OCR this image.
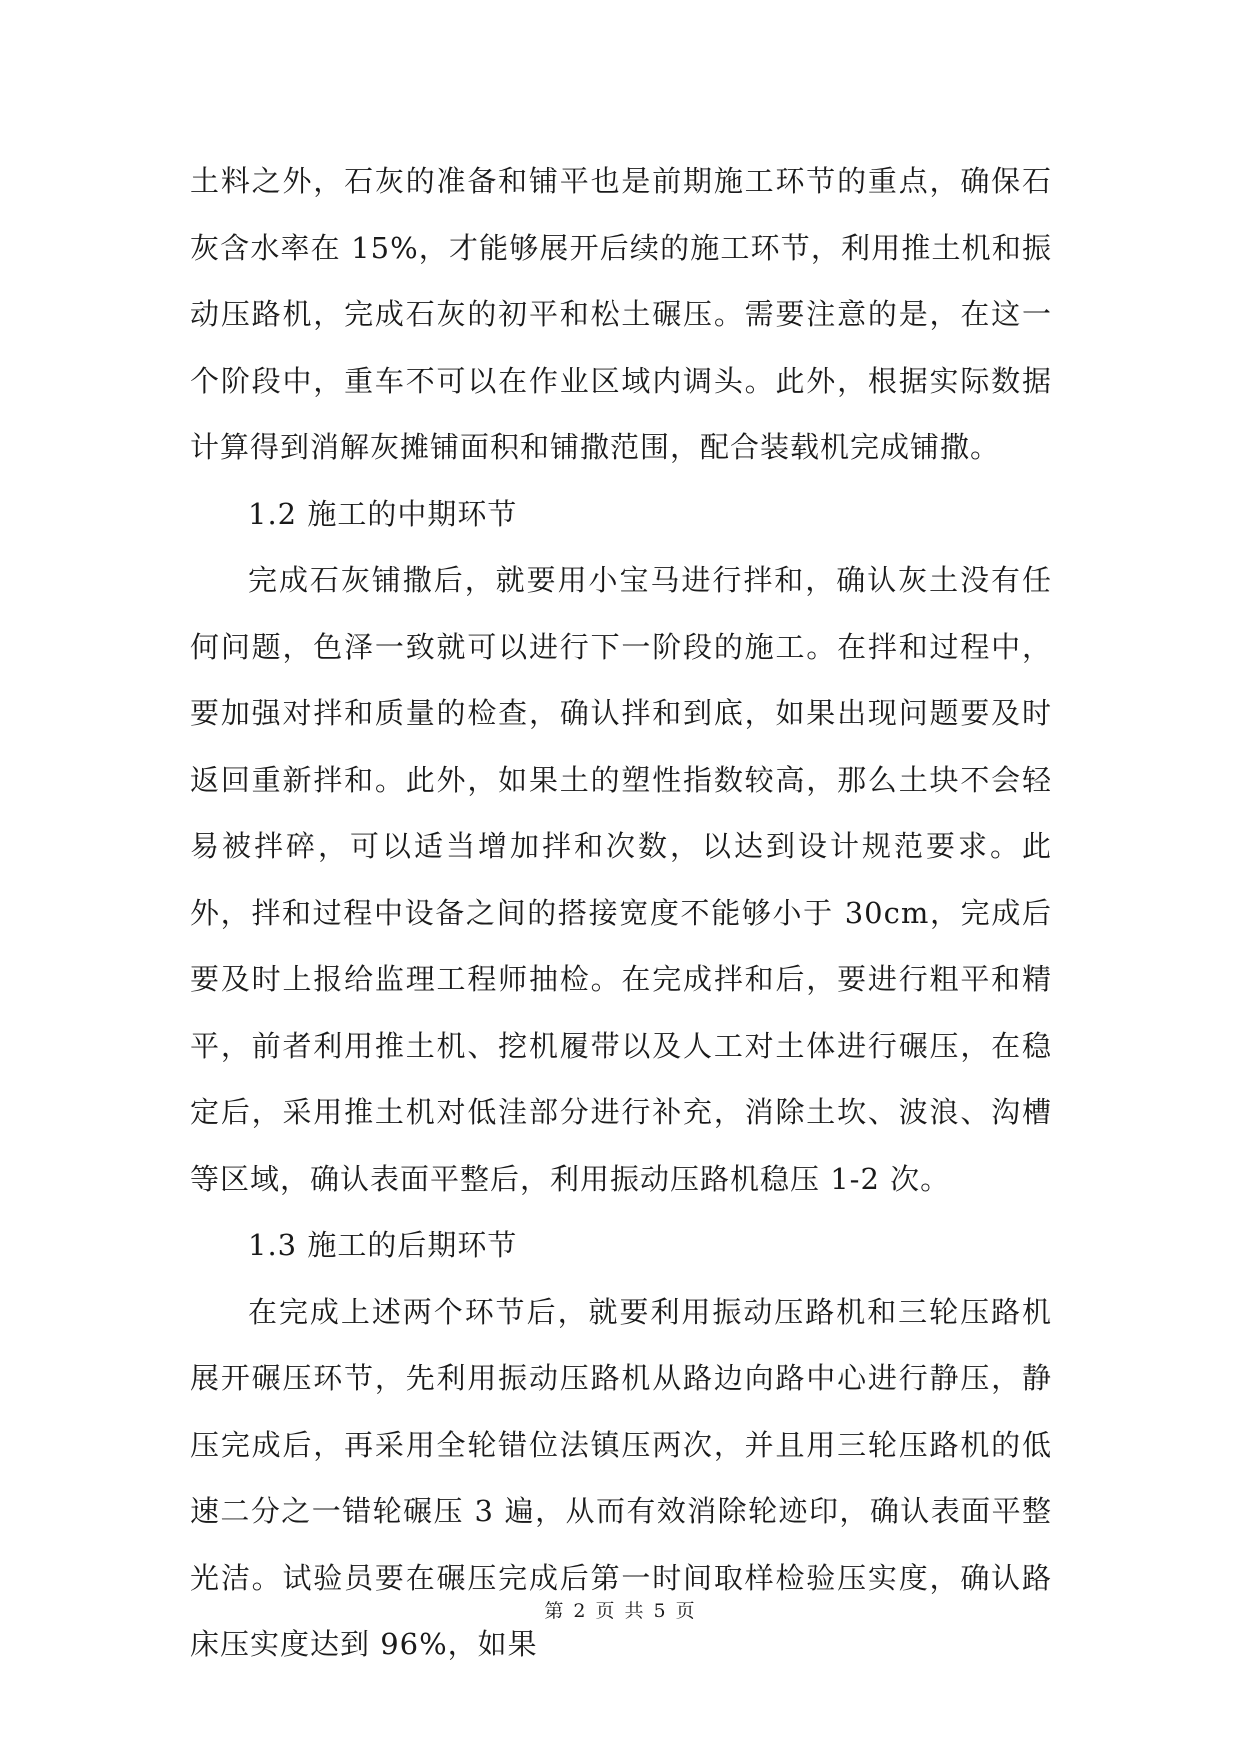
土料之外，石灰的准备和铺平也是前期施工环节的重点，确保石灰含水率在 15%，才能够展开后续的施工环节，利用推土机和振动压路机，完成石灰的初平和松土碾压。需要注意的是，在这一个阶段中，重车不可以在作业区域内调头。此外，根据实际数据计算得到消解灰摊铺面积和铺撒范围，配合装载机完成铺撒。

1.2 施工的中期环节

完成石灰铺撒后，就要用小宝马进行拌和，确认灰土没有任何问题，色泽一致就可以进行下一阶段的施工。在拌和过程中，要加强对拌和质量的检查，确认拌和到底，如果出现问题要及时返回重新拌和。此外，如果土的塑性指数较高，那么土块不会轻易被拌碎，可以适当增加拌和次数，以达到设计规范要求。此外，拌和过程中设备之间的搭接宽度不能够小于 30cm，完成后要及时上报给监理工程师抽检。在完成拌和后，要进行粗平和精平，前者利用推土机、挖机履带以及人工对土体进行碾压，在稳定后，采用推土机对低洼部分进行补充，消除土坎、波浪、沟槽等区域，确认表面平整后，利用振动压路机稳压 1-2 次。

1.3 施工的后期环节

在完成上述两个环节后，就要利用振动压路机和三轮压路机展开碾压环节，先利用振动压路机从路边向路中心进行静压，静压完成后，再采用全轮错位法镇压两次，并且用三轮压路机的低速二分之一错轮碾压 3 遍，从而有效消除轮迹印，确认表面平整光洁。试验员要在碾压完成后第一时间取样检验压实度，确认路床压实度达到 96%，如果

第 2 页 共 5 页
